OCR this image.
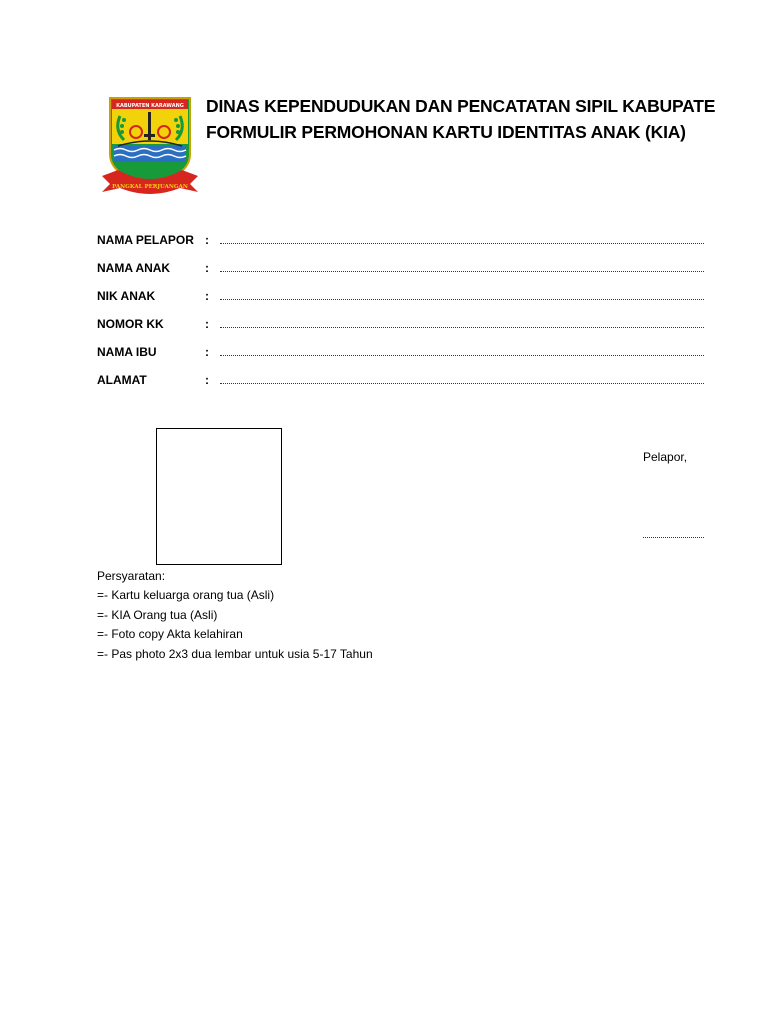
KABUPATEN KARAWANG
PANGKAL PERJUANGAN
DINAS KEPENDUDUKAN DAN PENCATATAN SIPIL KABUPATE
FORMULIR PERMOHONAN KARTU IDENTITAS ANAK (KIA)
NAMA PELAPOR :
NAMA ANAK	:
NIK ANAK	:
NOMOR KK	:
NAMA IBU	:
ALAMAT	:
Pelapor,
Persyaratan:
=- Kartu keluarga orang tua (Asli)
=- KIA Orang tua (Asli)
=- Foto copy Akta kelahiran
=- Pas photo 2x3 dua lembar untuk usia 5-17 Tahun
